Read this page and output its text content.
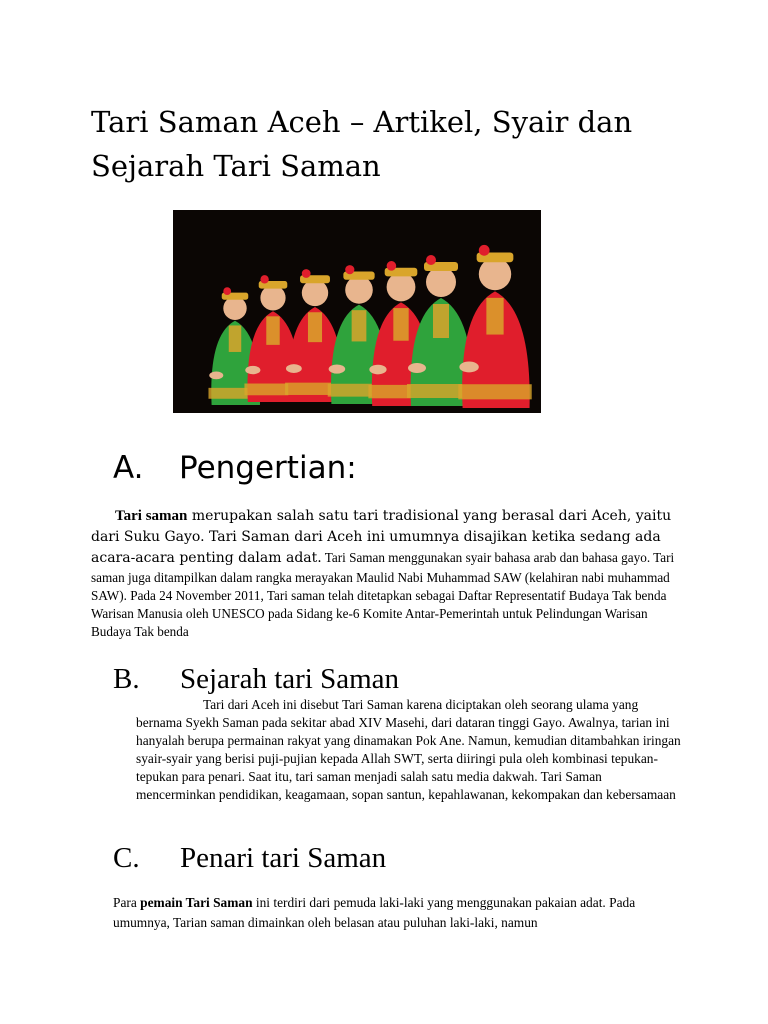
Tari Saman Aceh – Artikel, Syair dan Sejarah Tari Saman
A. Pengertian:

Tari saman merupakan salah satu tari tradisional yang berasal dari Aceh, yaitu dari Suku Gayo. Tari Saman dari Aceh ini umumnya disajikan ketika sedang ada acara-acara penting dalam adat. Tari Saman menggunakan syair bahasa arab dan bahasa gayo. Tari saman juga ditampilkan dalam rangka merayakan Maulid Nabi Muhammad SAW (kelahiran nabi muhammad SAW). Pada 24 November 2011, Tari saman telah ditetapkan sebagai Daftar Representatif Budaya Tak benda Warisan Manusia oleh UNESCO pada Sidang ke-6 Komite Antar-Pemerintah untuk Pelindungan Warisan Budaya Tak benda

B. Sejarah tari Saman

Tari dari Aceh ini disebut Tari Saman karena diciptakan oleh seorang ulama yang bernama Syekh Saman pada sekitar abad XIV Masehi, dari dataran tinggi Gayo. Awalnya, tarian ini hanyalah berupa permainan rakyat yang dinamakan Pok Ane. Namun, kemudian ditambahkan iringan syair-syair yang berisi puji-pujian kepada Allah SWT, serta diiringi pula oleh kombinasi tepukan-tepukan para penari. Saat itu, tari saman menjadi salah satu media dakwah. Tari Saman mencerminkan pendidikan, keagamaan, sopan santun, kepahlawanan, kekompakan dan kebersamaan

C. Penari tari Saman

Para pemain Tari Saman ini terdiri dari pemuda laki-laki yang menggunakan pakaian adat. Pada umumnya, Tarian saman dimainkan oleh belasan atau puluhan laki-laki, namun
